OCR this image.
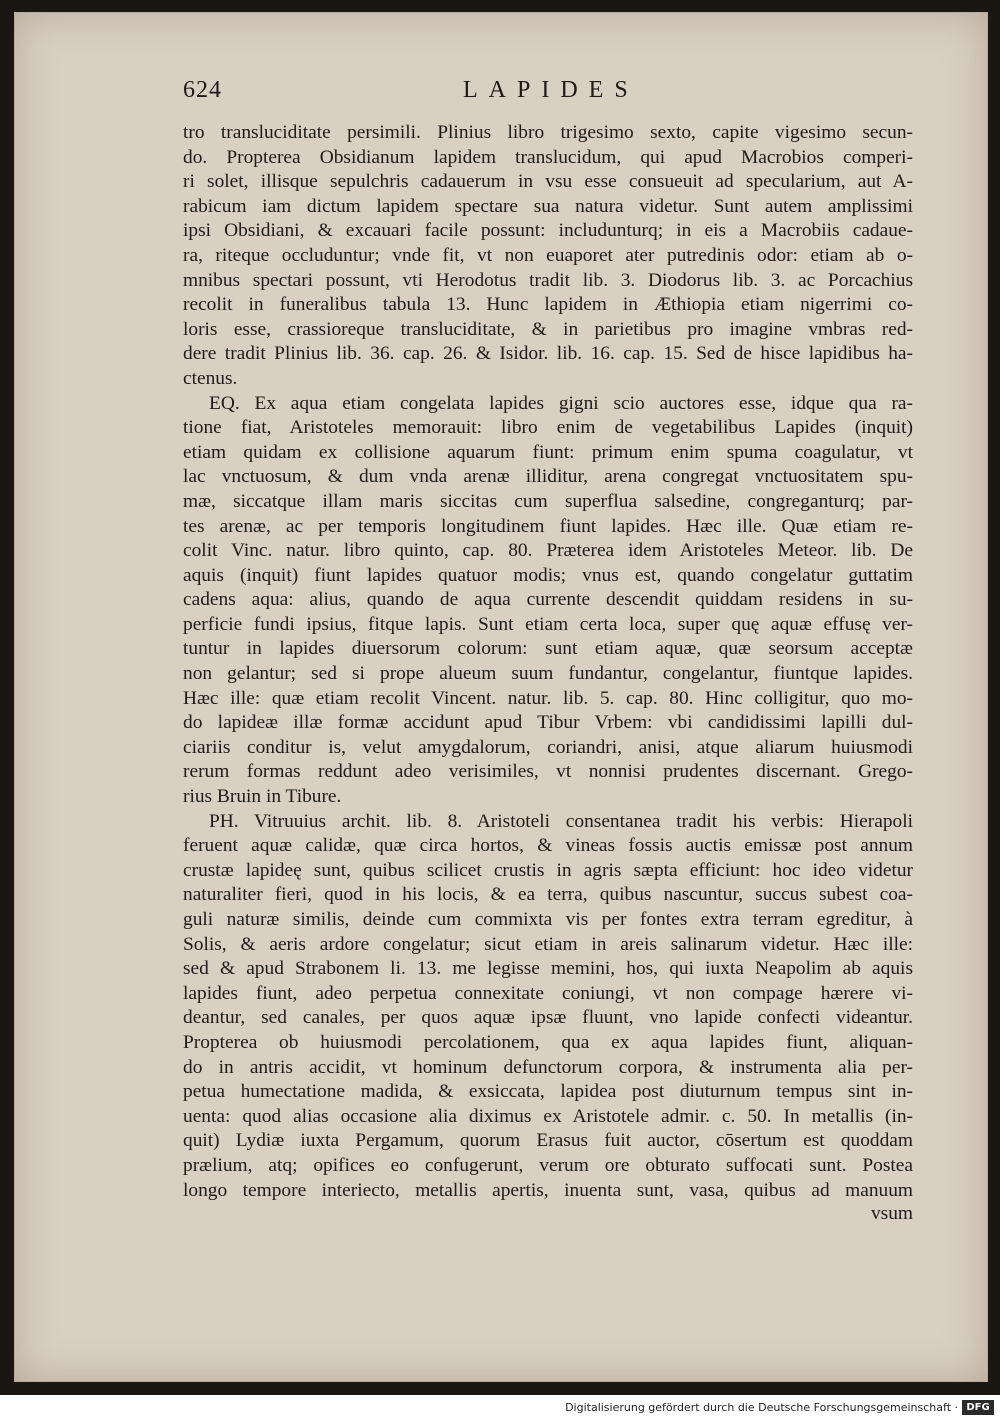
624	LAPIDES
tro transluciditate persimili. Plinius libro trigesimo sexto, capite vigesimo secun-
do. Propterea Obsidianum lapidem translucidum, qui apud Macrobios comperi-
ri solet, illisque sepulchris cadauerum in vsu esse consueuit ad specularium, aut A-
rabicum iam dictum lapidem spectare sua natura videtur. Sunt autem amplissimi
ipsi Obsidiani, & excauari facile possunt: includunturq; in eis a Macrobiis cadaue-
ra, riteque occluduntur; vnde fit, vt non euaporet ater putredinis odor: etiam ab o-
mnibus spectari possunt, vti Herodotus tradit lib. 3. Diodorus lib. 3. ac Porcachius
recolit in funeralibus tabula 13. Hunc lapidem in Æthiopia etiam nigerrimi co-
loris esse, crassioreque transluciditate, & in parietibus pro imagine vmbras red-
dere tradit Plinius lib. 36. cap. 26. & Isidor. lib. 16. cap. 15. Sed de hisce lapidibus ha-
ctenus.
EQ. Ex aqua etiam congelata lapides gigni scio auctores esse, idque qua ra-
tione fiat, Aristoteles memorauit: libro enim de vegetabilibus Lapides (inquit)
etiam quidam ex collisione aquarum fiunt: primum enim spuma coagulatur, vt
lac vnctuosum, & dum vnda arenæ illiditur, arena congregat vnctuositatem spu-
mæ, siccatque illam maris siccitas cum superflua salsedine, congreganturq; par-
tes arenæ, ac per temporis longitudinem fiunt lapides. Hæc ille. Quæ etiam re-
colit Vinc. natur. libro quinto, cap. 80. Præterea idem Aristoteles Meteor. lib. De
aquis (inquit) fiunt lapides quatuor modis; vnus est, quando congelatur guttatim
cadens aqua: alius, quando de aqua currente descendit quiddam residens in su-
perficie fundi ipsius, fitque lapis. Sunt etiam certa loca, super quę aquæ effusę ver-
tuntur in lapides diuersorum colorum: sunt etiam aquæ, quæ seorsum acceptæ
non gelantur; sed si prope alueum suum fundantur, congelantur, fiuntque lapides.
Hæc ille: quæ etiam recolit Vincent. natur. lib. 5. cap. 80. Hinc colligitur, quo mo-
do lapideæ illæ formæ accidunt apud Tibur Vrbem: vbi candidissimi lapilli dul-
ciariis conditur is, velut amygdalorum, coriandri, anisi, atque aliarum huiusmodi
rerum formas reddunt adeo verisimiles, vt nonnisi prudentes discernant. Grego-
rius Bruin in Tibure.
PH. Vitruuius archit. lib. 8. Aristoteli consentanea tradit his verbis: Hierapoli
feruent aquæ calidæ, quæ circa hortos, & vineas fossis auctis emissæ post annum
crustæ lapideę sunt, quibus scilicet crustis in agris sæpta efficiunt: hoc ideo videtur
naturaliter fieri, quod in his locis, & ea terra, quibus nascuntur, succus subest coa-
guli naturæ similis, deinde cum commixta vis per fontes extra terram egreditur, à
Solis, & aeris ardore congelatur; sicut etiam in areis salinarum videtur. Hæc ille:
sed & apud Strabonem li. 13. me legisse memini, hos, qui iuxta Neapolim ab aquis
lapides fiunt, adeo perpetua connexitate coniungi, vt non compage hærere vi-
deantur, sed canales, per quos aquæ ipsæ fluunt, vno lapide confecti videantur.
Propterea ob huiusmodi percolationem, qua ex aqua lapides fiunt, aliquan-
do in antris accidit, vt hominum defunctorum corpora, & instrumenta alia per-
petua humectatione madida, & exsiccata, lapidea post diuturnum tempus sint in-
uenta: quod alias occasione alia diximus ex Aristotele admir. c. 50. In metallis (in-
quit) Lydiæ iuxta Pergamum, quorum Erasus fuit auctor, cōsertum est quoddam
prælium, atq; opifices eo confugerunt, verum ore obturato suffocati sunt. Postea
longo tempore interiecto, metallis apertis, inuenta sunt, vasa, quibus ad manuum
vsum
Digitalisierung gefördert durch die Deutsche Forschungsgemeinschaft · DFG
